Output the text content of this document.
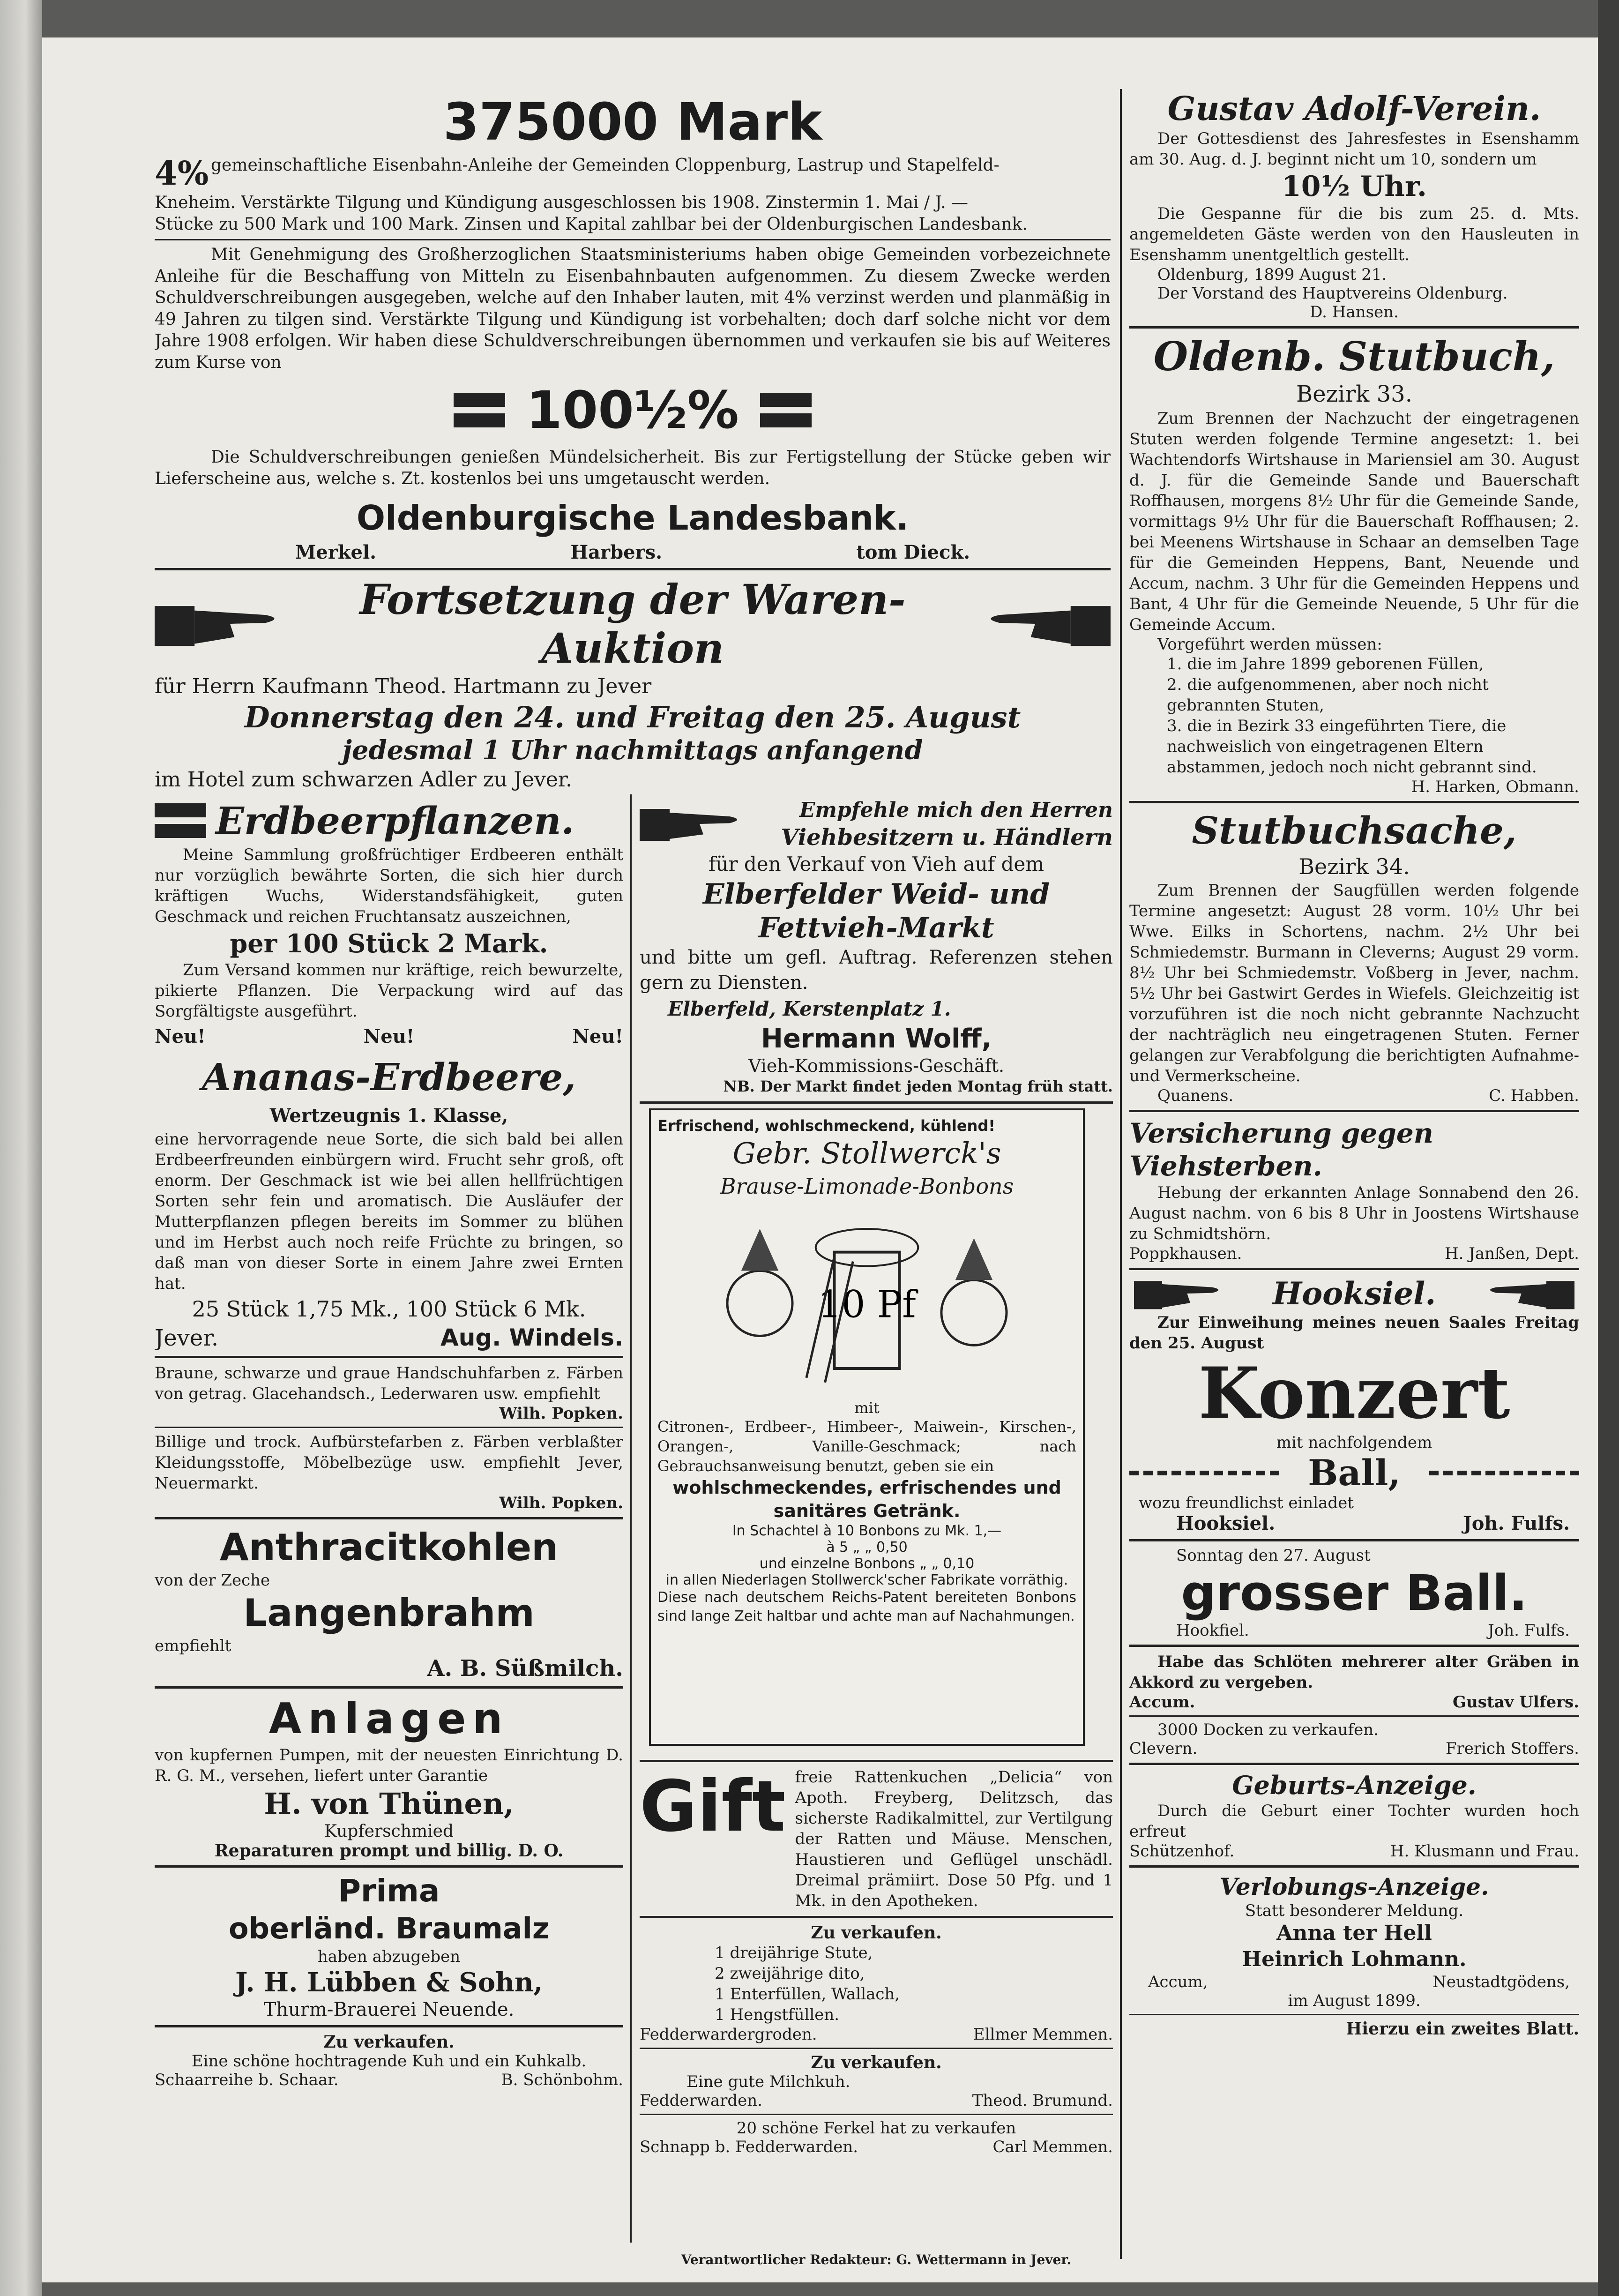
375000 Mark
4% gemeinschaftliche Eisenbahn-Anleihe der Gemeinden Cloppenburg, Lastrup und Stapelfeld-

Kneheim. Verstärkte Tilgung und Kündigung ausgeschlossen bis 1908. Zinstermin 1. Mai / J. —

Stücke zu 500 Mark und 100 Mark. Zinsen und Kapital zahlbar bei der Oldenburgischen Landesbank.

Mit Genehmigung des Großherzoglichen Staatsministeriums haben obige Gemeinden vorbezeichnete Anleihe für die Beschaffung von Mitteln zu Eisenbahnbauten aufgenommen. Zu diesem Zwecke werden Schuldverschreibungen ausgegeben, welche auf den Inhaber lauten, mit 4% verzinst werden und planmäßig in 49 Jahren zu tilgen sind. Verstärkte Tilgung und Kündigung ist vorbehalten; doch darf solche nicht vor dem Jahre 1908 erfolgen. Wir haben diese Schuldverschreibungen übernommen und verkaufen sie bis auf Weiteres zum Kurse von

100½%

Die Schuldverschreibungen genießen Mündelsicherheit. Bis zur Fertigstellung der Stücke geben wir Lieferscheine aus, welche s. Zt. kostenlos bei uns umgetauscht werden.

Oldenburgische Landesbank.
Merkel.	Harbers.	tom Dieck.
Fortsetzung der Waren-Auktion
für Herrn Kaufmann Theod. Hartmann zu Jever
Donnerstag den 24. und Freitag den 25. August
jedesmal 1 Uhr nachmittags anfangend
im Hotel zum schwarzen Adler zu Jever.
Erdbeerpflanzen.

Meine Sammlung großfrüchtiger Erdbeeren enthält nur vorzüglich bewährte Sorten, die sich hier durch kräftigen Wuchs, Widerstandsfähigkeit, guten Geschmack und reichen Fruchtansatz auszeichnen,

per 100 Stück 2 Mark.

Zum Versand kommen nur kräftige, reich bewurzelte, pikierte Pflanzen. Die Verpackung wird auf das Sorgfältigste ausgeführt.

Neu!	Neu!	Neu!
Ananas-Erdbeere,
Wertzeugnis 1. Klasse,

eine hervorragende neue Sorte, die sich bald bei allen Erdbeerfreunden einbürgern wird. Frucht sehr groß, oft enorm. Der Geschmack ist wie bei allen hellfrüchtigen Sorten sehr fein und aromatisch. Die Ausläufer der Mutterpflanzen pflegen bereits im Sommer zu blühen und im Herbst auch noch reife Früchte zu bringen, so daß man von dieser Sorte in einem Jahre zwei Ernten hat.

25 Stück 1,75 Mk., 100 Stück 6 Mk.
Jever.	Aug. Windels.

Braune, schwarze und graue Handschuhfarben z. Färben von getrag. Glacehandsch., Lederwaren usw. empfiehlt

Wilh. Popken.

Billige und trock. Aufbürstefarben z. Färben verblaßter Kleidungsstoffe, Möbelbezüge usw. empfiehlt Jever, Neuermarkt.

Wilh. Popken.
Anthracitkohlen
von der Zeche
Langenbrahm
empfiehlt
A. B. Süßmilch.
Anlagen

von kupfernen Pumpen, mit der neuesten Einrichtung D. R. G. M., versehen, liefert unter Garantie

H. von Thünen,
Kupferschmied
Reparaturen prompt und billig. D. O.
Prima
oberländ. Braumalz
haben abzugeben
J. H. Lübben & Sohn,
Thurm-Brauerei Neuende.
Zu verkaufen.
Eine schöne hochtragende Kuh und ein Kuhkalb.
Schaarreihe b. Schaar.	B. Schönbohm.
Empfehle mich den Herren
Viehbesitzern u. Händlern
für den Verkauf von Vieh auf dem
Elberfelder Weid- und
Fettvieh-Markt

und bitte um gefl. Auftrag. Referenzen stehen gern zu Diensten.

Elberfeld, Kerstenplatz 1.
Hermann Wolff,
Vieh-Kommissions-Geschäft.
NB. Der Markt findet jeden Montag früh statt.
Erfrischend, wohlschmeckend, kühlend!
Gebr. Stollwerck's
Brause-Limonade-Bonbons
10 Pf
mit

Citronen-, Erdbeer-, Himbeer-, Maiwein-, Kirschen-, Orangen-, Vanille-Geschmack; nach Gebrauchsanweisung benutzt, geben sie ein

wohlschmeckendes, erfrischendes und sanitäres Getränk.
In Schachtel à 10 Bonbons zu Mk. 1,—
à 5 „ „ 0,50
und einzelne Bonbons „ „ 0,10
in allen Niederlagen Stollwerck'scher Fabrikate vorräthig.

Diese nach deutschem Reichs-Patent bereiteten Bonbons sind lange Zeit haltbar und achte man auf Nachahmungen.

Gift freie Rattenkuchen „Delicia“ von Apoth. Freyberg, Delitzsch, das sicherste Radikalmittel, zur Vertilgung der Ratten und Mäuse. Menschen, Haustieren und Geflügel unschädl. Dreimal prämiirt. Dose 50 Pfg. und 1 Mk. in den Apotheken.

Zu verkaufen.
1 dreijährige Stute,
2 zweijährige dito,
1 Enterfüllen, Wallach,
1 Hengstfüllen.
Fedderwardergroden.	Ellmer Memmen.
Zu verkaufen.
Eine gute Milchkuh.
Fedderwarden.	Theod. Brumund.
20 schöne Ferkel hat zu verkaufen
Schnapp b. Fedderwarden.	Carl Memmen.
Gustav Adolf-Verein.

Der Gottesdienst des Jahresfestes in Esenshamm am 30. Aug. d. J. beginnt nicht um 10, sondern um

10½ Uhr.

Die Gespanne für die bis zum 25. d. Mts. angemeldeten Gäste werden von den Hausleuten in Esenshamm unentgeltlich gestellt.

Oldenburg, 1899 August 21.
Der Vorstand des Hauptvereins Oldenburg.
D. Hansen.
Oldenb. Stutbuch,
Bezirk 33.

Zum Brennen der Nachzucht der eingetragenen Stuten werden folgende Termine angesetzt: 1. bei Wachtendorfs Wirtshause in Mariensiel am 30. August d. J. für die Gemeinde Sande und Bauerschaft Roffhausen, morgens 8½ Uhr für die Gemeinde Sande, vormittags 9½ Uhr für die Bauerschaft Roffhausen; 2. bei Meenens Wirtshause in Schaar an demselben Tage für die Gemeinden Heppens, Bant, Neuende und Accum, nachm. 3 Uhr für die Gemeinden Heppens und Bant, 4 Uhr für die Gemeinde Neuende, 5 Uhr für die Gemeinde Accum.

Vorgeführt werden müssen:
1. die im Jahre 1899 geborenen Füllen,
2. die aufgenommenen, aber noch nicht gebrannten Stuten,
3. die in Bezirk 33 eingeführten Tiere, die nachweislich von eingetragenen Eltern abstammen, jedoch noch nicht gebrannt sind.
H. Harken, Obmann.
Stutbuchsache,
Bezirk 34.

Zum Brennen der Saugfüllen werden folgende Termine angesetzt: August 28 vorm. 10½ Uhr bei Wwe. Eilks in Schortens, nachm. 2½ Uhr bei Schmiedemstr. Burmann in Cleverns; August 29 vorm. 8½ Uhr bei Schmiedemstr. Voßberg in Jever, nachm. 5½ Uhr bei Gastwirt Gerdes in Wiefels. Gleichzeitig ist vorzuführen ist die noch nicht gebrannte Nachzucht der nachträglich neu eingetragenen Stuten. Ferner gelangen zur Verabfolgung die berichtigten Aufnahme- und Vermerkscheine.

Quanens.	C. Habben.
Versicherung gegen Viehsterben.

Hebung der erkannten Anlage Sonnabend den 26. August nachm. von 6 bis 8 Uhr in Joostens Wirtshause zu Schmidtshörn.

Poppkhausen.	H. Janßen, Dept.
Hooksiel.

Zur Einweihung meines neuen Saales Freitag den 25. August

Konzert
mit nachfolgendem
Ball,
wozu freundlichst einladet
Hooksiel.	Joh. Fulfs.
Sonntag den 27. August
grosser Ball.
Hookfiel.	Joh. Fulfs.

Habe das Schlöten mehrerer alter Gräben in Akkord zu vergeben.

Accum.	Gustav Ulfers.
3000 Docken zu verkaufen.
Clevern.	Frerich Stoffers.
Geburts-Anzeige.

Durch die Geburt einer Tochter wurden hoch erfreut

Schützenhof.	H. Klusmann und Frau.
Verlobungs-Anzeige.
Statt besonderer Meldung.
Anna ter Hell
Heinrich Lohmann.
Accum,	Neustadtgödens,
im August 1899.
Hierzu ein zweites Blatt.
Verantwortlicher Redakteur: G. Wettermann in Jever.
